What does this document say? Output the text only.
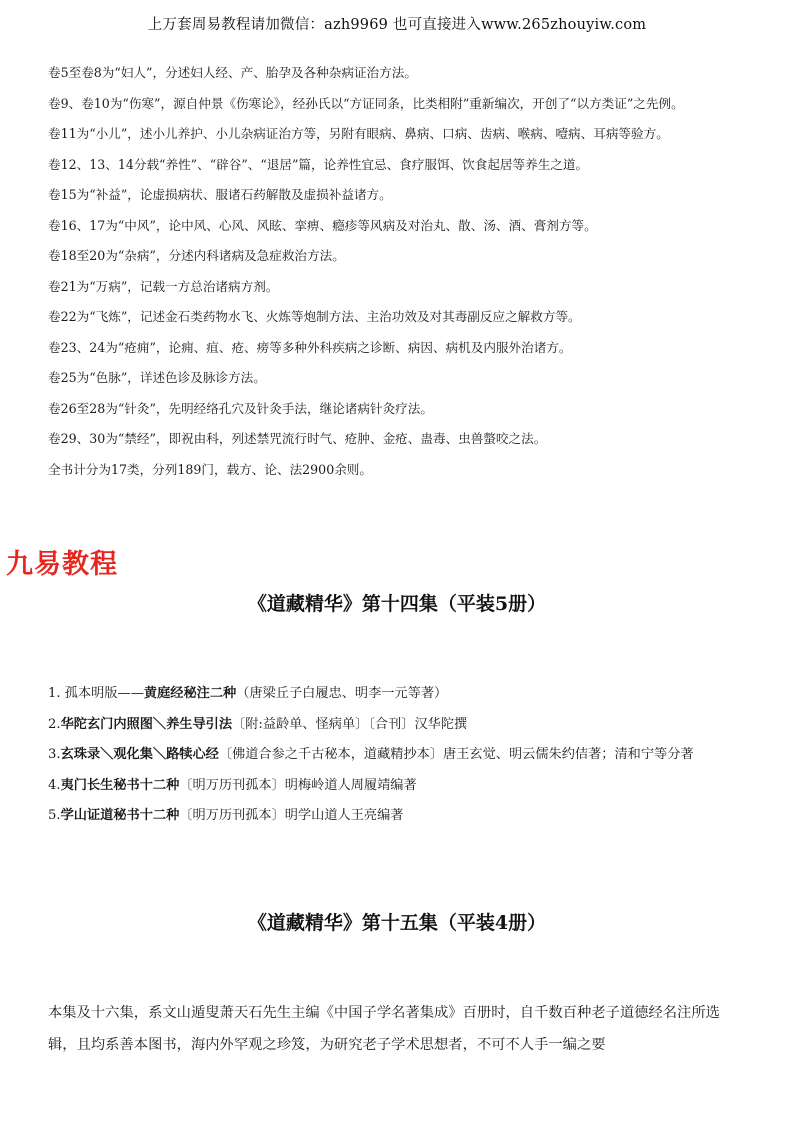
上万套周易教程请加微信：azh9969 也可直接进入www.265zhouyiw.com

卷5至卷8为“妇人”，分述妇人经、产、胎孕及各种杂病证治方法。

卷9、卷10为“伤寒”，源自仲景《伤寒论》，经孙氏以“方证同条，比类相附”重新编次，开创了“以方类证”之先例。

卷11为“小儿”，述小儿养护、小儿杂病证治方等，另附有眼病、鼻病、口病、齿病、喉病、噎病、耳病等验方。

卷12、13、14分载“养性”、“辟谷”、“退居”篇，论养性宜忌、食疗服饵、饮食起居等养生之道。

卷15为“补益”，论虚损病状、服诸石药解散及虚损补益诸方。

卷16、17为“中风”，论中风、心风、风眩、挛痹、瘾疹等风病及对治丸、散、汤、酒、膏剂方等。

卷18至20为“杂病”，分述内科诸病及急症救治方法。

卷21为“万病”，记载一方总治诸病方剂。

卷22为“飞炼”，记述金石类药物水飞、火炼等炮制方法、主治功效及对其毒副反应之解救方等。

卷23、24为“疮痈”，论痈、疽、疮、痨等多种外科疾病之诊断、病因、病机及内服外治诸方。

卷25为“色脉”，详述色诊及脉诊方法。

卷26至28为“针灸”，先明经络孔穴及针灸手法，继论诸病针灸疗法。

卷29、30为“禁经”，即祝由科，列述禁咒流行时气、疮肿、金疮、蛊毒、虫兽螫咬之法。

全书计分为17类，分列189门，载方、论、法2900余则。

九易教程
《道藏精华》第十四集（平装5册）

1. 孤本明版——黄庭经秘注二种（唐梁丘子白履忠、明李一元等著）

2.华陀玄门内照图＼养生导引法〔附:益龄单、怪病单〕〔合刊〕汉华陀撰

3.玄珠录＼观化集＼路犊心经〔佛道合参之千古秘本，道藏精抄本〕唐王玄觉、明云儒朱约佶著；清和宁等分著

4.夷门长生秘书十二种〔明万历刊孤本〕明梅岭道人周履靖编著

5.学山证道秘书十二种〔明万历刊孤本〕明学山道人王亮编著

《道藏精华》第十五集（平装4册）

本集及十六集，系文山遁叟萧天石先生主编《中国子学名著集成》百册时，自千数百种老子道德经名注所选辑，且均系善本图书，海内外罕观之珍笈，为研究老子学术思想者，不可不人手一编之要
